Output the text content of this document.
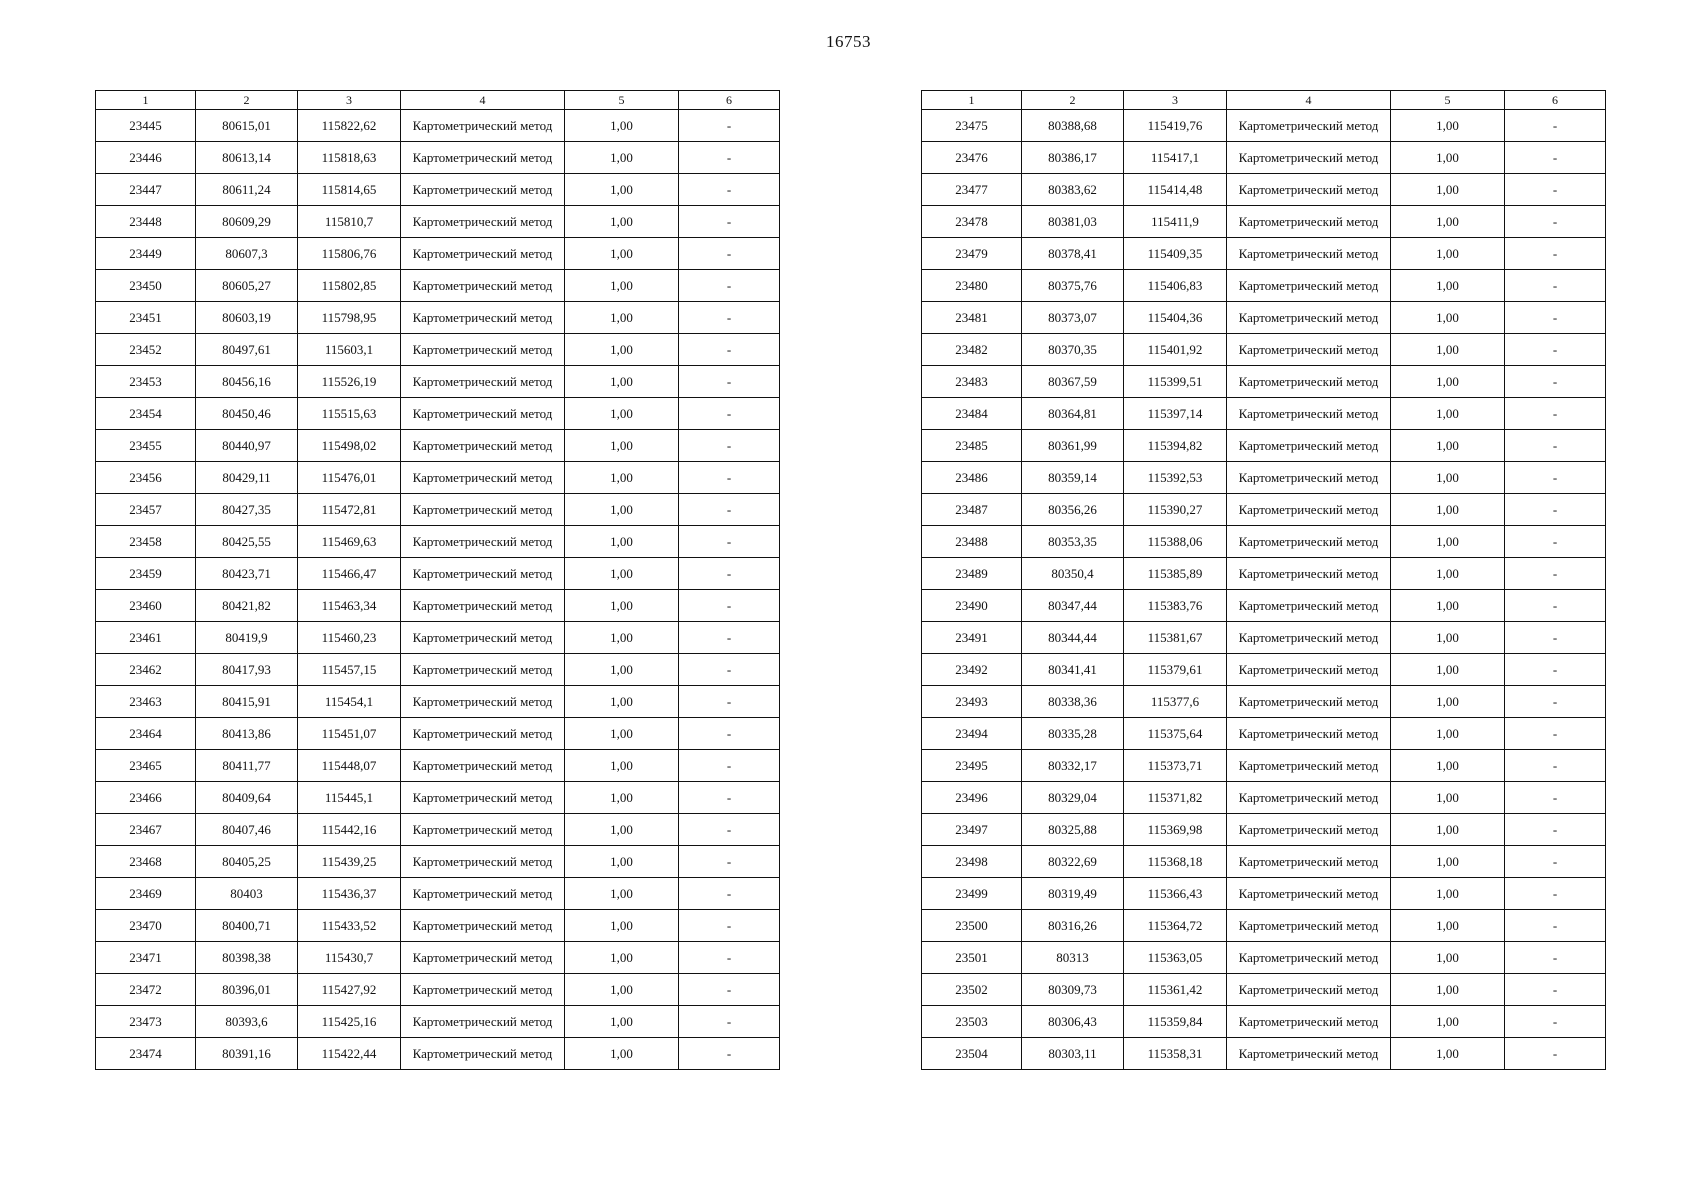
16753
1	2	3	4	5	6
23445	80615,01	115822,62	Картометрический метод	1,00	-
23446	80613,14	115818,63	Картометрический метод	1,00	-
23447	80611,24	115814,65	Картометрический метод	1,00	-
23448	80609,29	115810,7	Картометрический метод	1,00	-
23449	80607,3	115806,76	Картометрический метод	1,00	-
23450	80605,27	115802,85	Картометрический метод	1,00	-
23451	80603,19	115798,95	Картометрический метод	1,00	-
23452	80497,61	115603,1	Картометрический метод	1,00	-
23453	80456,16	115526,19	Картометрический метод	1,00	-
23454	80450,46	115515,63	Картометрический метод	1,00	-
23455	80440,97	115498,02	Картометрический метод	1,00	-
23456	80429,11	115476,01	Картометрический метод	1,00	-
23457	80427,35	115472,81	Картометрический метод	1,00	-
23458	80425,55	115469,63	Картометрический метод	1,00	-
23459	80423,71	115466,47	Картометрический метод	1,00	-
23460	80421,82	115463,34	Картометрический метод	1,00	-
23461	80419,9	115460,23	Картометрический метод	1,00	-
23462	80417,93	115457,15	Картометрический метод	1,00	-
23463	80415,91	115454,1	Картометрический метод	1,00	-
23464	80413,86	115451,07	Картометрический метод	1,00	-
23465	80411,77	115448,07	Картометрический метод	1,00	-
23466	80409,64	115445,1	Картометрический метод	1,00	-
23467	80407,46	115442,16	Картометрический метод	1,00	-
23468	80405,25	115439,25	Картометрический метод	1,00	-
23469	80403	115436,37	Картометрический метод	1,00	-
23470	80400,71	115433,52	Картометрический метод	1,00	-
23471	80398,38	115430,7	Картометрический метод	1,00	-
23472	80396,01	115427,92	Картометрический метод	1,00	-
23473	80393,6	115425,16	Картометрический метод	1,00	-
23474	80391,16	115422,44	Картометрический метод	1,00	-
1	2	3	4	5	6
23475	80388,68	115419,76	Картометрический метод	1,00	-
23476	80386,17	115417,1	Картометрический метод	1,00	-
23477	80383,62	115414,48	Картометрический метод	1,00	-
23478	80381,03	115411,9	Картометрический метод	1,00	-
23479	80378,41	115409,35	Картометрический метод	1,00	-
23480	80375,76	115406,83	Картометрический метод	1,00	-
23481	80373,07	115404,36	Картометрический метод	1,00	-
23482	80370,35	115401,92	Картометрический метод	1,00	-
23483	80367,59	115399,51	Картометрический метод	1,00	-
23484	80364,81	115397,14	Картометрический метод	1,00	-
23485	80361,99	115394,82	Картометрический метод	1,00	-
23486	80359,14	115392,53	Картометрический метод	1,00	-
23487	80356,26	115390,27	Картометрический метод	1,00	-
23488	80353,35	115388,06	Картометрический метод	1,00	-
23489	80350,4	115385,89	Картометрический метод	1,00	-
23490	80347,44	115383,76	Картометрический метод	1,00	-
23491	80344,44	115381,67	Картометрический метод	1,00	-
23492	80341,41	115379,61	Картометрический метод	1,00	-
23493	80338,36	115377,6	Картометрический метод	1,00	-
23494	80335,28	115375,64	Картометрический метод	1,00	-
23495	80332,17	115373,71	Картометрический метод	1,00	-
23496	80329,04	115371,82	Картометрический метод	1,00	-
23497	80325,88	115369,98	Картометрический метод	1,00	-
23498	80322,69	115368,18	Картометрический метод	1,00	-
23499	80319,49	115366,43	Картометрический метод	1,00	-
23500	80316,26	115364,72	Картометрический метод	1,00	-
23501	80313	115363,05	Картометрический метод	1,00	-
23502	80309,73	115361,42	Картометрический метод	1,00	-
23503	80306,43	115359,84	Картометрический метод	1,00	-
23504	80303,11	115358,31	Картометрический метод	1,00	-
